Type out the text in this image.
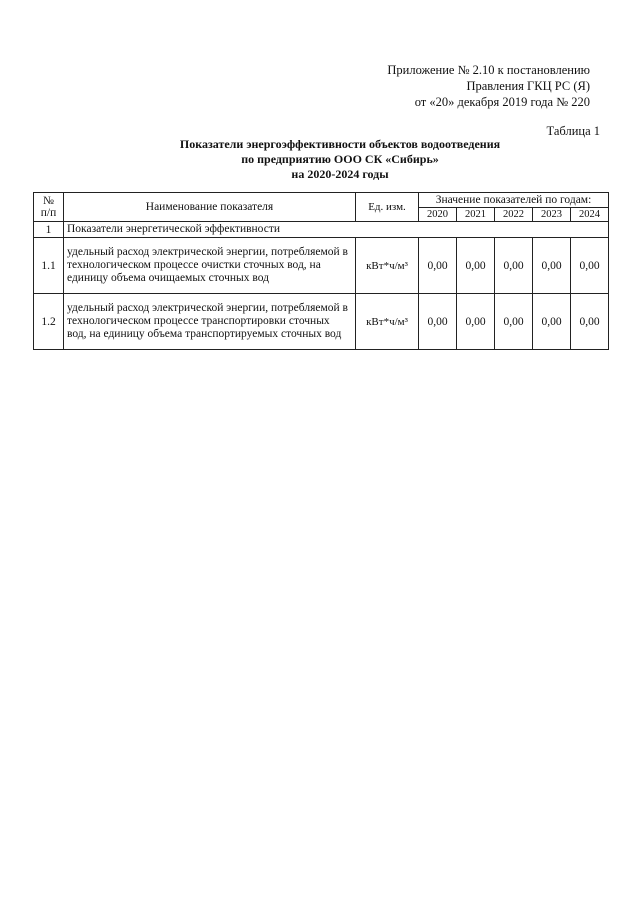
Приложение № 2.10 к постановлению
Правления ГКЦ РС (Я)
от «20» декабря 2019 года № 220
Таблица 1
Показатели энергоэффективности объектов водоотведения
по предприятию ООО СК «Сибирь»
на 2020-2024 годы
№ п/п	Наименование показателя	Ед. изм.	Значение показателей по годам:				
			2020	2021	2022	2023	2024
1	Показатели энергетической эффективности						
1.1	удельный расход электрической энергии, потребляемой в технологическом процессе очистки сточных вод, на единицу объема очищаемых сточных вод	кВт*ч/м³	0,00	0,00	0,00	0,00	0,00
1.2	удельный расход электрической энергии, потребляемой в технологическом процессе транспортировки сточных вод, на единицу объема транспортируемых сточных вод	кВт*ч/м³	0,00	0,00	0,00	0,00	0,00
